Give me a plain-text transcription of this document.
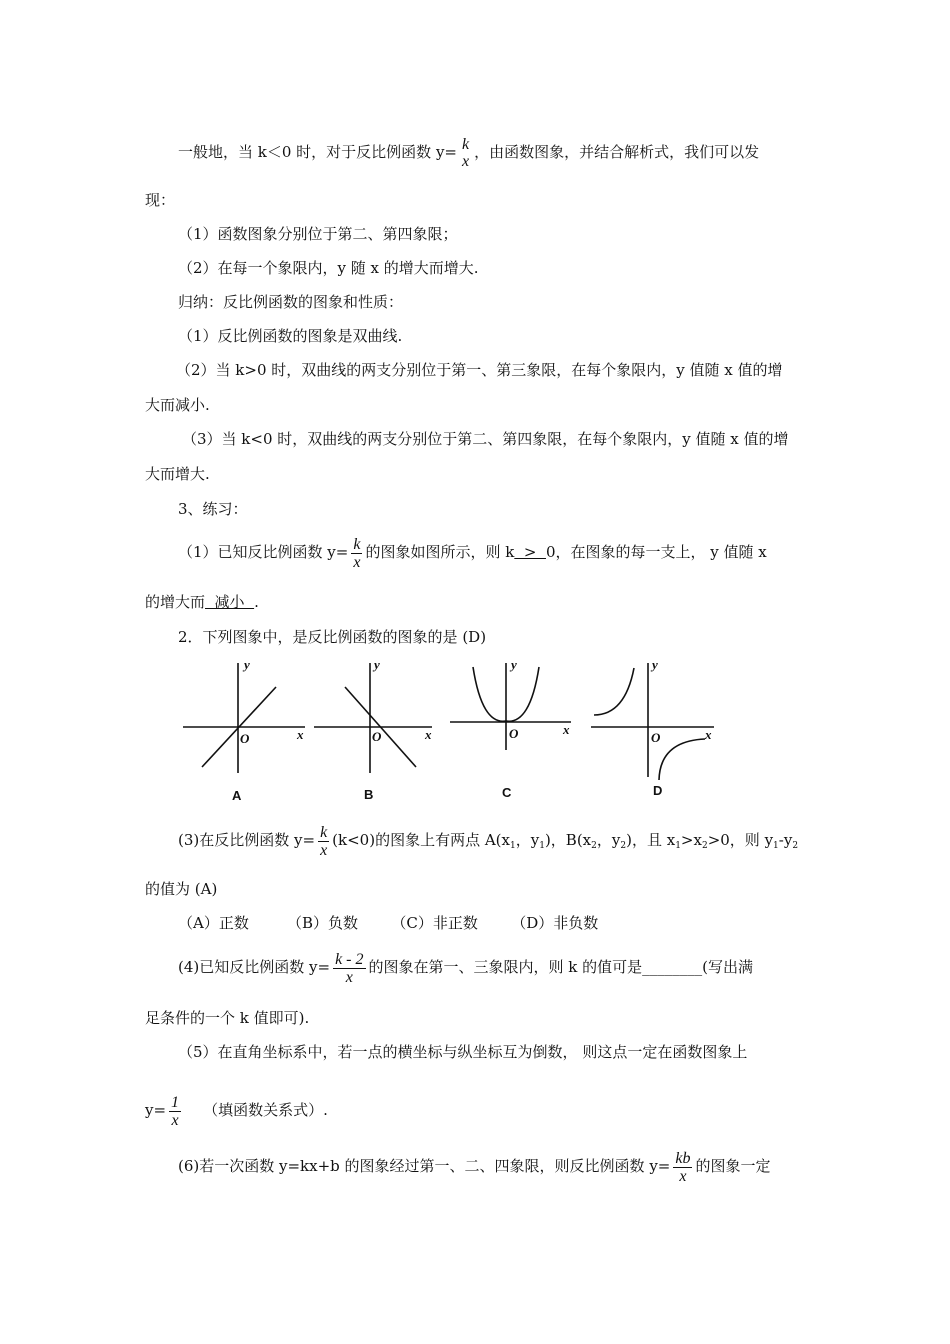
一般地，当 k＜0 时，对于反比例函数 y= k
x
，由函数图象，并结合解析式，我们可以发
现：
（1）函数图象分别位于第二、第四象限；
（2）在每一个象限内，y 随 x 的增大而增大.
归纳：反比例函数的图象和性质：
（1）反比例函数的图象是双曲线.
（2）当 k>0 时，双曲线的两支分别位于第一、第三象限，在每个象限内，y 值随 x 值的增
大而减小.
（3）当 k<0 时，双曲线的两支分别位于第二、第四象限，在每个象限内，y 值随 x 值的增
大而增大.
3、练习：
（1）已知反比例函数 $y= \frac{k}{x}$ 的图象如图所示，则 k  >  0，在图象的每一支上， y 值随 x
的增大而  减小  .
2．下列图象中，是反比例函数的图象的是 (D)
y
x
O
y
x
O
y
x
O
y
x
O
A	B	C	D
(3)在反比例函数 $y= \frac{k}{x} (k<0)$的图象上有两点 $A(x_1$，$y_1$)，$B(x_2$，$y_2$)，且 $x_1>x_2>0$，则 $y_1-y_2$
的值为 (A)
（A）正数        （B）负数       （C）非正数       （D）非负数
(4)已知反比例函数 $y= \frac{k - 2}{x}$ 的图象在第一、三象限内，则 k 的值可是________(写出满
足条件的一个 k 值即可).
（5）在直角坐标系中，若一点的横坐标与纵坐标互为倒数， 则这点一定在函数图象上
$y= \frac{1}{x}$ （填函数关系式）.
(6)若一次函数 y=kx+b 的图象经过第一、二、四象限，则反比例函数 $y= \frac{kb}{x}$ 的图象一定
